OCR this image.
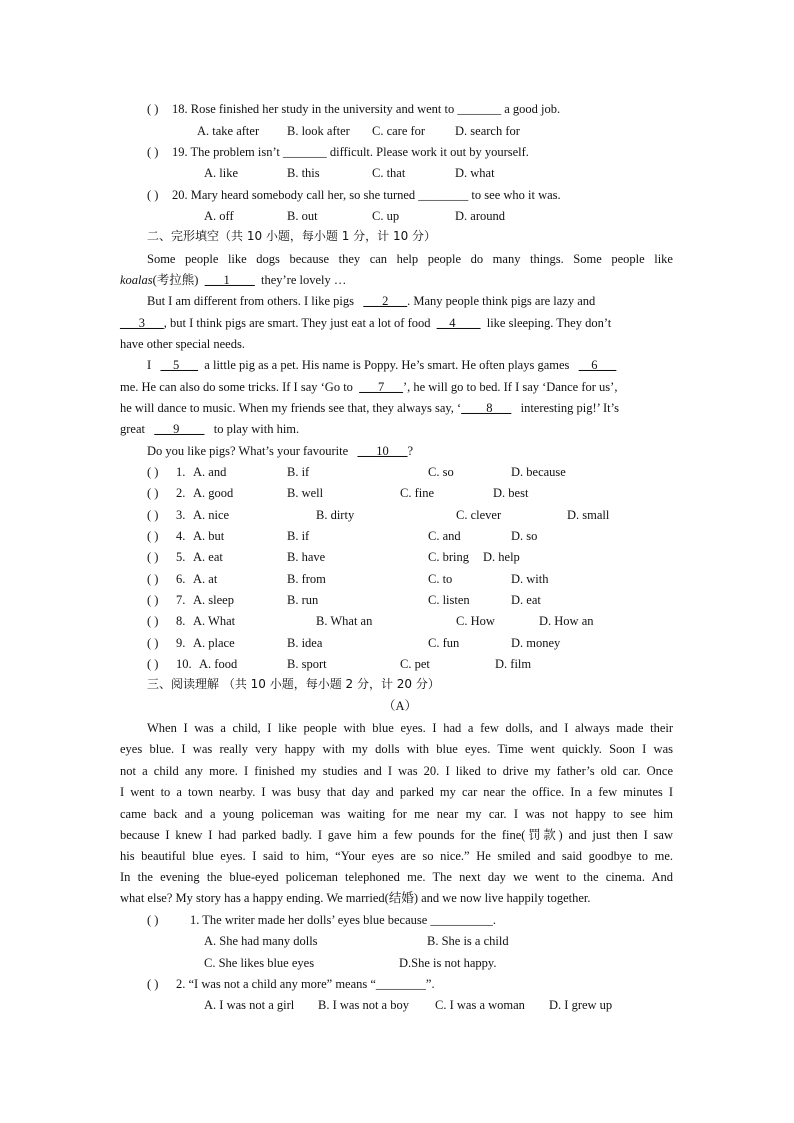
( ) 18. Rose finished her study in the university and went to _______ a good job.
A. take after B. look after C. care for D. search for
( ) 19. The problem isn’t _______ difficult. Please work it out by yourself.
A. like	B. this	C. that	D. what
( ) 20. Mary heard somebody call her, so she turned ________ to see who it was.
A. off	B. out	C. up	D. around
二、完形填空（共 10 小题，每小题 1 分，计 10 分）
Some people like dogs because they can help people do many things. Some people like
koalas(考拉熊) ___1____ they’re lovely …
But I am different from others. I like pigs ___2___. Many people think pigs are lazy and
___3___, but I think pigs are smart. They just eat a lot of food __4____ like sleeping. They don’t
have other special needs.
I __5___ a little pig as a pet. His name is Poppy. He’s smart. He often plays games __6___
me. He can also do some tricks. If I say ‘Go to ___7___’, he will go to bed. If I say ‘Dance for us’,
he will dance to music. When my friends see that, they always say, ‘____8___ interesting pig!’ It’s
great ___9____ to play with him.
Do you like pigs? What’s your favourite ___10___?
( ) 1. A. and	B. if	C. so	D. because
( ) 2. A. good	B. well	C. fine	D. best
( ) 3. A. nice	B. dirty	C. clever	D. small
( ) 4. A. but	B. if	C. and	D. so
( ) 5. A. eat	B. have	C. bring D. help
( ) 6. A. at	B. from	C. to	D. with
( ) 7. A. sleep	B. run	C. listen	D. eat
( ) 8. A. What	B. What an	C. How	D. How an
( ) 9. A. place	B. idea	C. fun	D. money
( ) 10. A. food	B. sport	C. pet	D. film
三、阅读理解 （共 10 小题，每小题 2 分，计 20 分）
（A）
When I was a child, I like people with blue eyes. I had a few dolls, and I always made their
eyes blue. I was really very happy with my dolls with blue eyes. Time went quickly. Soon I was
not a child any more. I finished my studies and I was 20. I liked to drive my father’s old car. Once
I went to a town nearby. I was busy that day and parked my car near the office. In a few minutes I
came back and a young policeman was waiting for me near my car. I was not happy to see him
because I knew I had parked badly. I gave him a few pounds for the fine(罚款) and just then I saw
his beautiful blue eyes. I said to him, “Your eyes are so nice.” He smiled and said goodbye to me.
In the evening the blue-eyed policeman telephoned me. The next day we went to the cinema. And
what else? My story has a happy ending. We married(结婚) and we now live happily together.
( )	1. The writer made her dolls’ eyes blue because __________.
A. She had many dolls	B. She is a child
C. She likes blue eyes	D.She is not happy.
( ) 2. “I was not a child any more” means “________”.
A. I was not a girl B. I was not a boy C. I was a woman D. I grew up
